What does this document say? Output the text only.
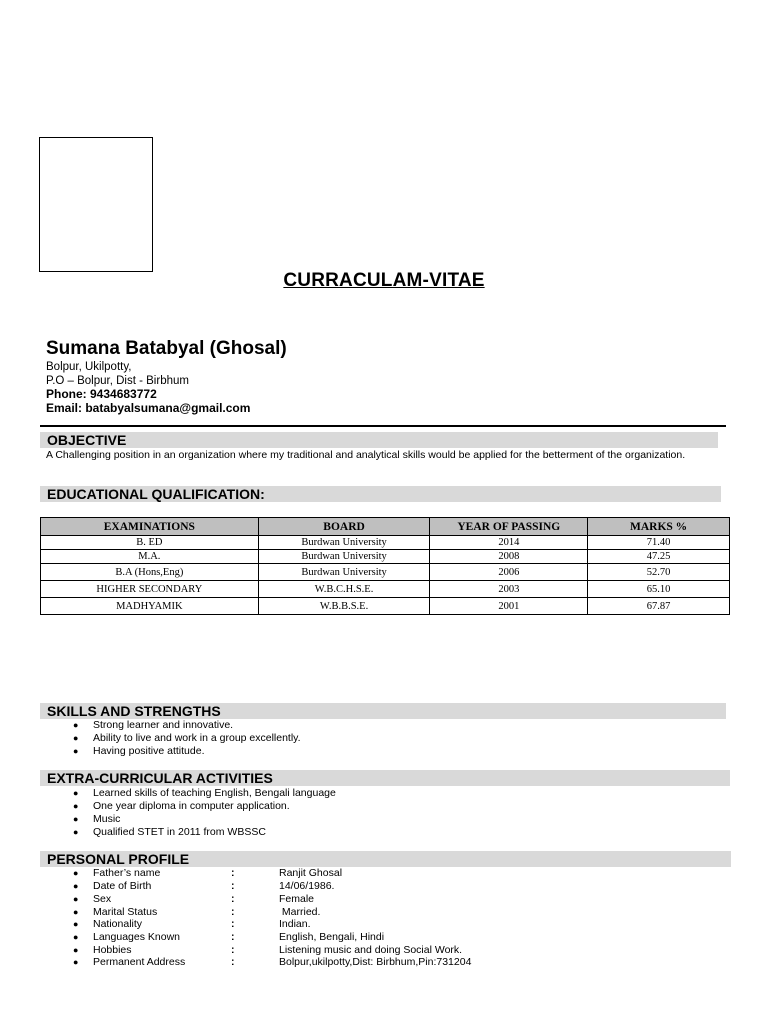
CURRACULAM-VITAE
Sumana Batabyal (Ghosal)
Bolpur, Ukilpotty,
P.O – Bolpur, Dist - Birbhum
Phone: 9434683772
Email: batabyalsumana@gmail.com
OBJECTIVE
A Challenging position in an organization where my traditional and analytical skills would be applied for the betterment of the organization.
EDUCATIONAL QUALIFICATION:
EXAMINATIONS	BOARD	YEAR OF PASSING	MARKS %
B. ED	Burdwan University	2014	71.40
M.A.	Burdwan University	2008	47.25
B.A (Hons,Eng)	Burdwan University	2006	52.70
HIGHER SECONDARY	W.B.C.H.S.E.	2003	65.10
MADHYAMIK	W.B.B.S.E.	2001	67.87
SKILLS AND STRENGTHS
● Strong learner and innovative.
● Ability to live and work in a group excellently.
● Having positive attitude.
EXTRA-CURRICULAR ACTIVITIES
● Learned skills of teaching English, Bengali language
● One year diploma in computer application.
● Music
● Qualified STET in 2011 from WBSSC
PERSONAL PROFILE
● Father’s name	:	Ranjit Ghosal
● Date of Birth	:	14/06/1986.
● Sex	:	Female
● Marital Status	:	Married.
● Nationality	:	Indian.
● Languages Known	:	English, Bengali, Hindi
● Hobbies	:	Listening music and doing Social Work.
● Permanent Address	:	Bolpur,ukilpotty,Dist: Birbhum,Pin:731204
